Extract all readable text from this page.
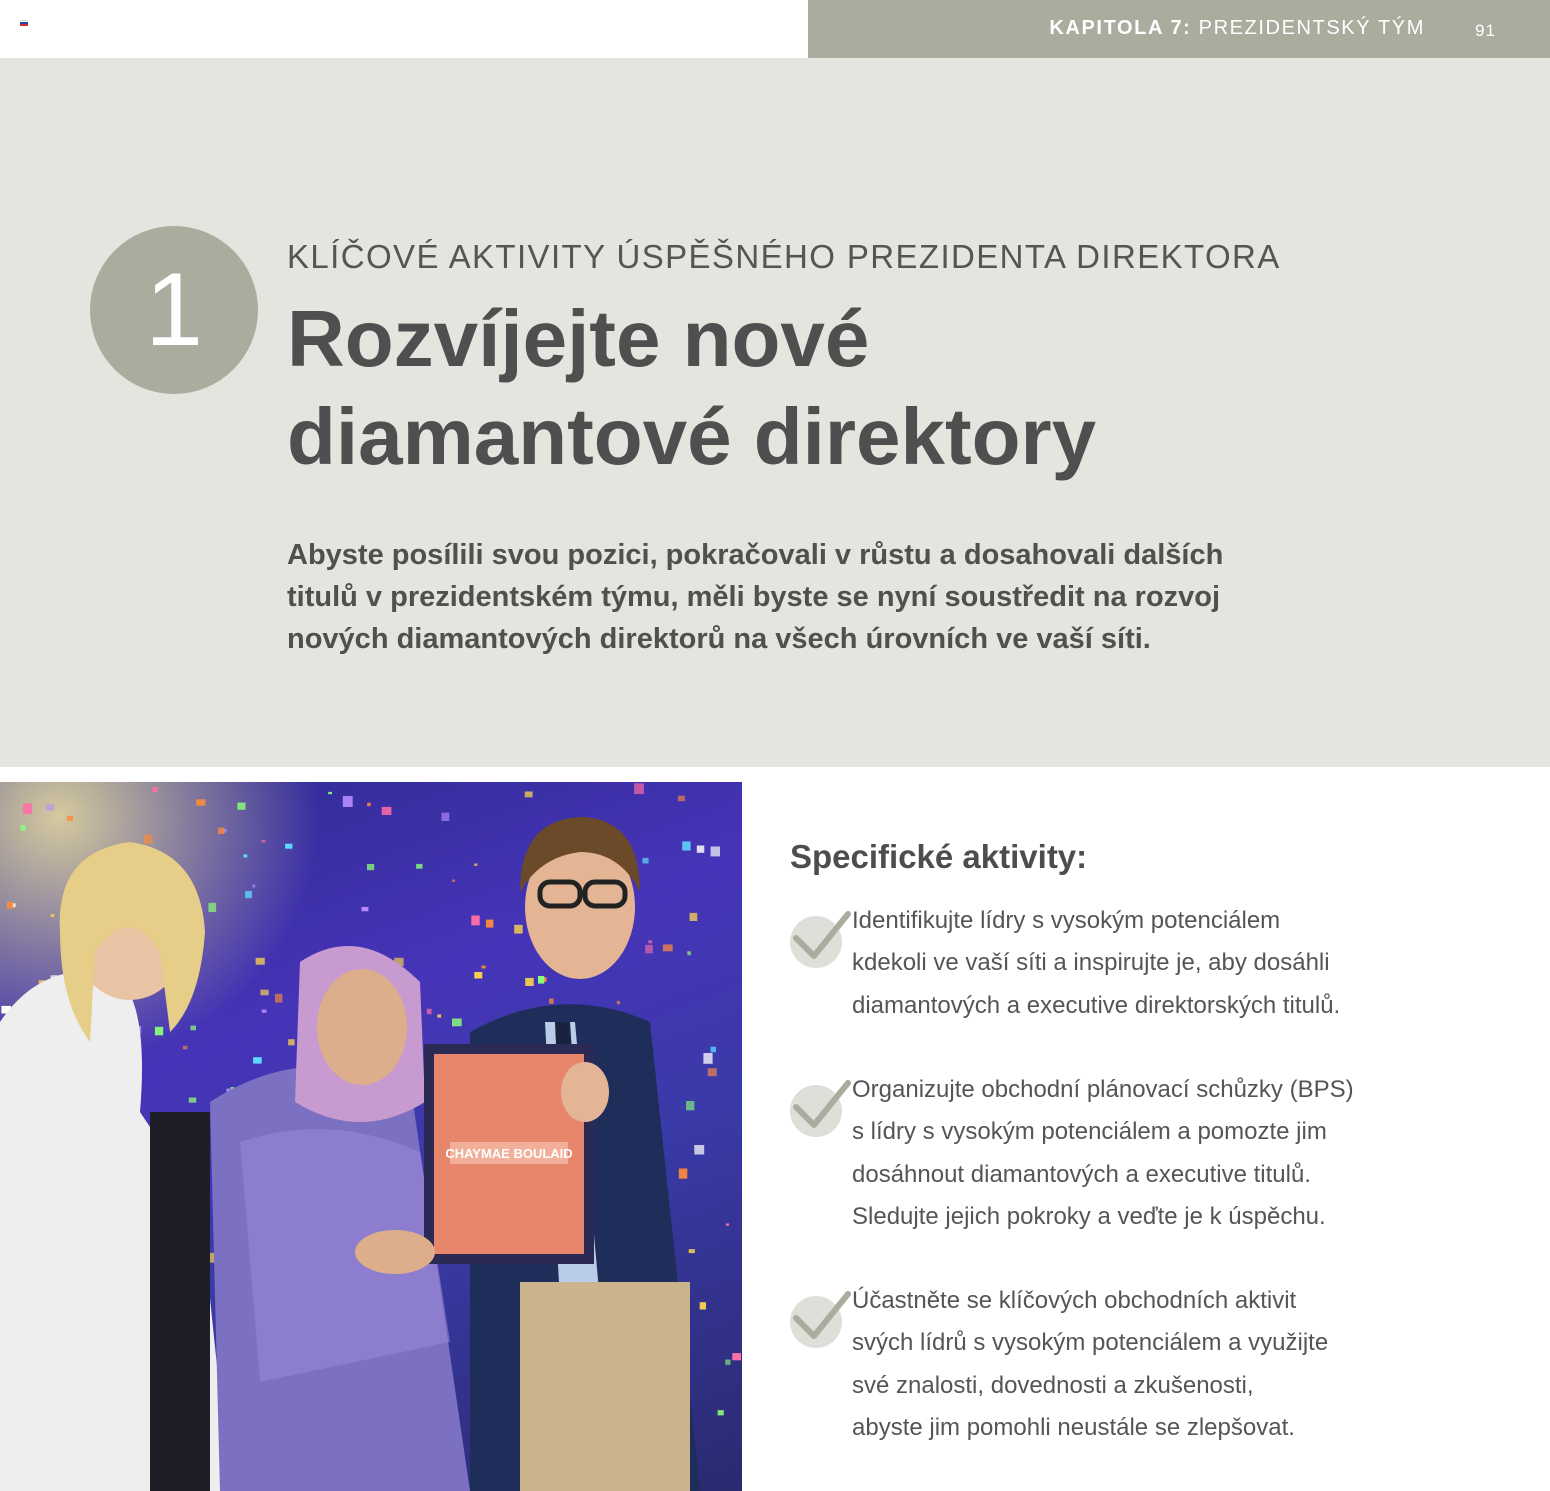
KAPITOLA 7: PREZIDENTSKÝ TÝM	91
1	KLÍČOVÉ AKTIVITY ÚSPĚŠNÉHO PREZIDENTA DIREKTORA
Rozvíjejte nové
diamantové direktory

Abyste posílili svou pozici, pokračovali v růstu a dosahovali dalších
titulů v prezidentském týmu, měli byste se nyní soustředit na rozvoj
nových diamantových direktorů na všech úrovních ve vaší síti.

CHAYMAE BOULAID
Specifické aktivity:
Identifikujte lídry s vysokým potenciálem
kdekoli ve vaší síti a inspirujte je, aby dosáhli
diamantových a executive direktorských titulů.
Organizujte obchodní plánovací schůzky (BPS)
s lídry s vysokým potenciálem a pomozte jim
dosáhnout diamantových a executive titulů.
Sledujte jejich pokroky a veďte je k úspěchu.
Účastněte se klíčových obchodních aktivit
svých lídrů s vysokým potenciálem a využijte
své znalosti, dovednosti a zkušenosti,
abyste jim pomohli neustále se zlepšovat.
